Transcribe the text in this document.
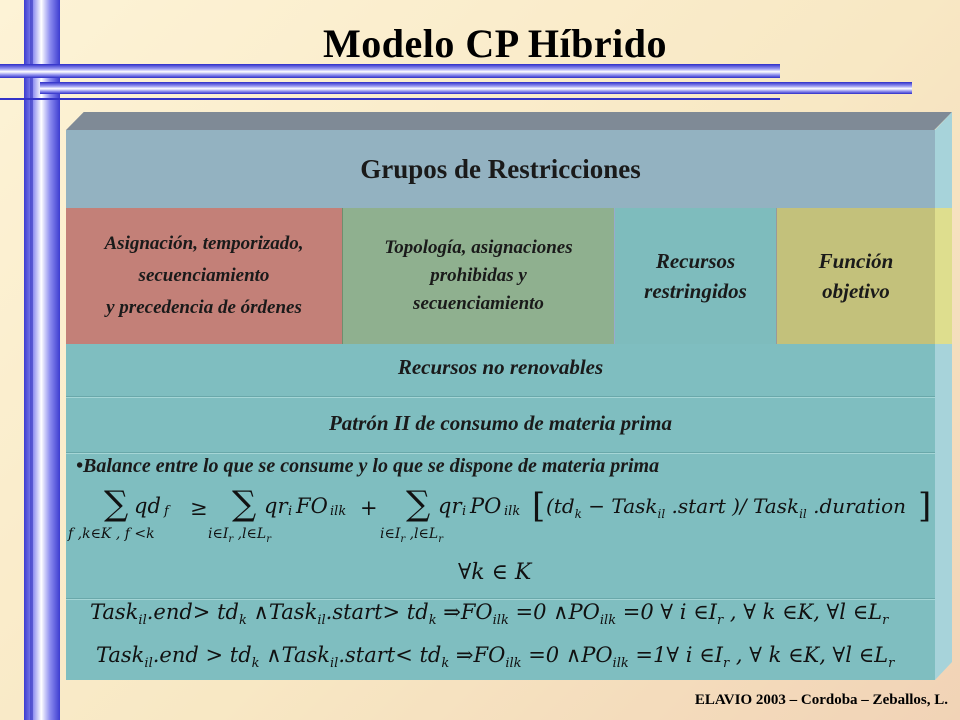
Modelo CP Híbrido
Grupos de Restricciones
Asignación, temporizado,
secuenciamiento
y precedencia de órdenes
Topología, asignaciones
prohibidas y
secuenciamiento
Recursos
restringidos
Función
objetivo
Recursos no renovables
Patrón II de consumo de materia prima
•Balance entre lo que se consume y lo que se dispone de materia prima
∑ qd f
f ,k∈K , f <k
≥ ∑ qr i FO ilk
$i\in I_r$ $,l\in L_r$
+ ∑ qr i PO ilk
$i\in I_r$ $,l\in L_r$
[ ($td_k$ − Task$_{il}$ .start )/ Task$_{il}$ .duration ]
∀k ∈ K
Task$_{il}$.end> $td_k$ ∧Task$_{il}$.start> $td_k$ $\Rightarrow FO_{ilk} =0$ $\wedge PO_{ilk} =0$ ∀ i $\in I_r$ , ∀ k ∈K, ∀l $\in L_r$
Task$_{il}$.end > $td_k$ ∧Task$_{il}$.start< $td_k$ $\Rightarrow FO_{ilk} =0$ $\wedge PO_{ilk}$ =1∀ i $\in I_r$ , ∀ k ∈K, ∀l $\in L_r$
ELAVIO 2003 – Cordoba – Zeballos, L.
